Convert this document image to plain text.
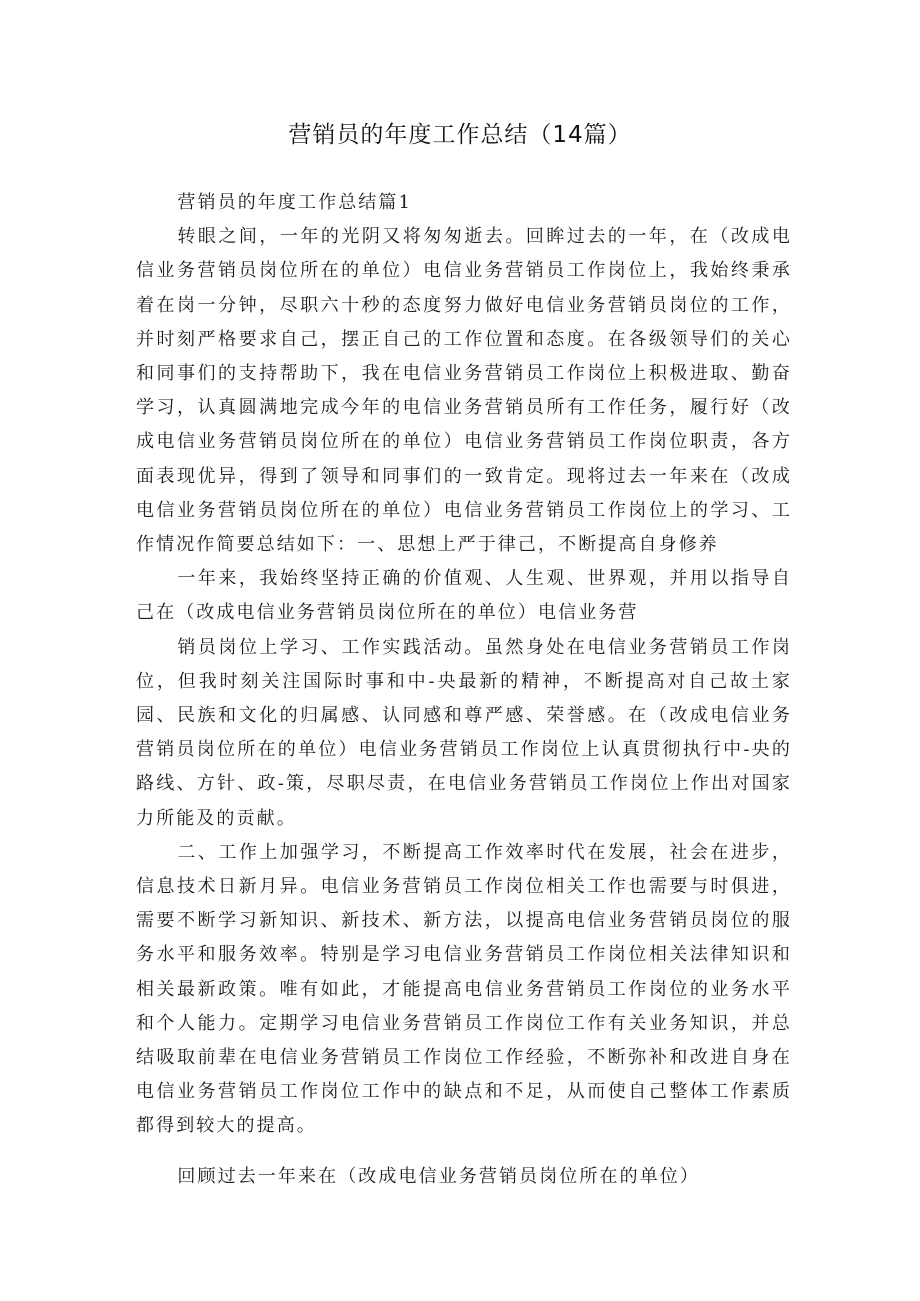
营销员的年度工作总结（14篇）

营销员的年度工作总结篇1

转眼之间，一年的光阴又将匆匆逝去。回眸过去的一年，在（改成电信业务营销员岗位所在的单位）电信业务营销员工作岗位上，我始终秉承着在岗一分钟，尽职六十秒的态度努力做好电信业务营销员岗位的工作，并时刻严格要求自己，摆正自己的工作位置和态度。在各级领导们的关心和同事们的支持帮助下，我在电信业务营销员工作岗位上积极进取、勤奋学习，认真圆满地完成今年的电信业务营销员所有工作任务，履行好（改成电信业务营销员岗位所在的单位）电信业务营销员工作岗位职责，各方面表现优异，得到了领导和同事们的一致肯定。现将过去一年来在（改成电信业务营销员岗位所在的单位）电信业务营销员工作岗位上的学习、工作情况作简要总结如下：一、思想上严于律己，不断提高自身修养

一年来，我始终坚持正确的价值观、人生观、世界观，并用以指导自己在（改成电信业务营销员岗位所在的单位）电信业务营

销员岗位上学习、工作实践活动。虽然身处在电信业务营销员工作岗位，但我时刻关注国际时事和中-央最新的精神，不断提高对自己故土家园、民族和文化的归属感、认同感和尊严感、荣誉感。在（改成电信业务营销员岗位所在的单位）电信业务营销员工作岗位上认真贯彻执行中-央的路线、方针、政-策，尽职尽责，在电信业务营销员工作岗位上作出对国家力所能及的贡献。

二、工作上加强学习，不断提高工作效率时代在发展，社会在进步，信息技术日新月异。电信业务营销员工作岗位相关工作也需要与时俱进，需要不断学习新知识、新技术、新方法，以提高电信业务营销员岗位的服务水平和服务效率。特别是学习电信业务营销员工作岗位相关法律知识和相关最新政策。唯有如此，才能提高电信业务营销员工作岗位的业务水平和个人能力。定期学习电信业务营销员工作岗位工作有关业务知识，并总结吸取前辈在电信业务营销员工作岗位工作经验，不断弥补和改进自身在电信业务营销员工作岗位工作中的缺点和不足，从而使自己整体工作素质都得到较大的提高。

回顾过去一年来在（改成电信业务营销员岗位所在的单位）
